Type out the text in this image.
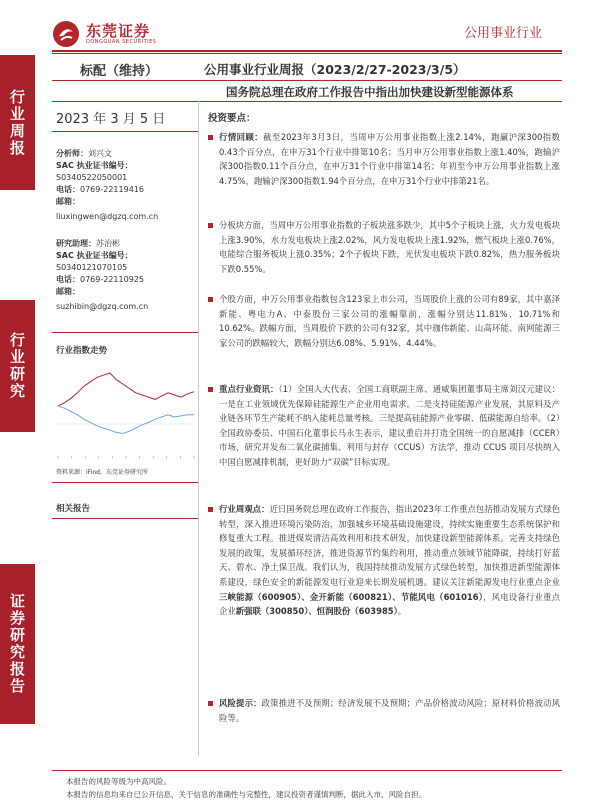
东莞证券
DONGGUAN SECURITIES
公用事业行业
行业周报
行业研究
证券研究报告
标配（维持）	公用事业行业周报（2023/2/27-2023/3/5）
国务院总理在政府工作报告中指出加快建设新型能源体系
2023 年 3 月 5 日
分析师：刘兴文
SAC 执业证书编号：
S0340522050001
电话：0769-22119416
邮箱：
liuxingwen@dgzq.com.cn
研究助理：苏治彬
SAC 执业证书编号：
S0340121070105
电话：0769-22110925
邮箱：
suzhibin@dgzq.com.cn
行业指数走势
资料来源：iFind，东莞证券研究所
相关报告
投资要点：
行情回顾：截至2023年3月3日，当周申万公用事业指数上涨2.14%，跑赢沪深300指数0.43个百分点，在申万31个行业中排第10名；当月申万公用事业指数上涨1.40%，跑输沪深300指数0.11个百分点，在申万31个行业中排第14名；年初至今申万公用事业指数上涨4.75%，跑输沪深300指数1.94个百分点，在申万31个行业中排第21名。
分板块方面，当周申万公用事业指数的子板块涨多跌少，其中5个子板块上涨，火力发电板块上涨3.90%，水力发电板块上涨2.02%，风力发电板块上涨1.92%，燃气板块上涨0.76%，电能综合服务板块上涨0.35%；2个子板块下跌，光伏发电板块下跌0.82%，热力服务板块下跌0.55%。
个股方面，申万公用事业指数包含123家上市公司，当周股价上涨的公司有89家，其中嘉泽新能、粤电力A、中泰股份三家公司的涨幅靠前，涨幅分别达11.81%、10.71%和10.62%。跌幅方面，当周股价下跌的公司有32家，其中珈伟新能、山高环能、南网能源三家公司的跌幅较大，跌幅分别达6.08%、5.91%、4.44%。
重点行业资讯：（1）全国人大代表、全国工商联副主席、通威集团董事局主席刘汉元建议：一是在工业领域优先保障硅能源生产企业用电需求。二是支持硅能源产业发展，其原料及产业链各环节生产能耗不纳入能耗总量考核。三是提高硅能源产业零碳、低碳能源自给率。（2）全国政协委员、中国石化董事长马永生表示，建议重启并打造全国统一的自愿减排（CCER）市场，研究并发布二氧化碳捕集、利用与封存（CCUS）方法学，推动 CCUS 项目尽快纳入中国自愿减排机制，更好助力“双碳”目标实现。
行业周观点：近日国务院总理在政府工作报告，指出2023年工作重点包括推动发展方式绿色转型，深入推进环境污染防治，加强城乡环境基础设施建设，持续实施重要生态系统保护和修复重大工程。推进煤炭清洁高效利用和技术研发，加快建设新型能源体系。完善支持绿色发展的政策，发展循环经济，推进资源节约集约利用，推动重点领域节能降碳，持续打好蓝天、碧水、净土保卫战。我们认为，我国持续推动发展方式绿色转型，加快推进新型能源体系建设，绿色安全的新能源发电行业迎来长期发展机遇。建议关注新能源发电行业重点企业三峡能源（600905）、金开新能（600821）、节能风电（601016），风电设备行业重点企业新强联（300850）、恒润股份（603985）。
风险提示：政策推进不及预期；经济发展不及预期；产品价格波动风险；原材料价格波动风险等。
本报告的风险等级为中高风险。
本报告的信息均来自已公开信息，关于信息的准确性与完整性，建议投资者谨慎判断，据此入市，风险自担。
